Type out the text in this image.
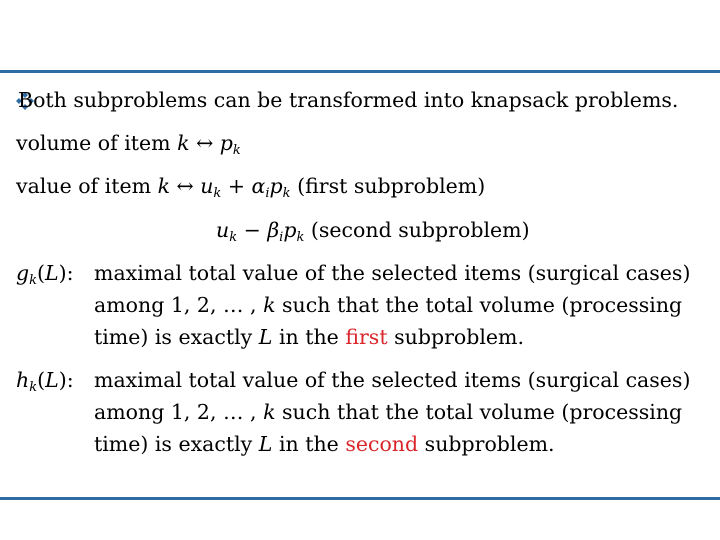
Both subproblems can be transformed into knapsack problems.
volume of item k ↔ $p_k$
value of item k ↔ $u_k + \alpha_ip_k$ (first subproblem)
$u_k - \beta_ip_k$ (second subproblem)
$g_k(L)$: maximal total value of the selected items (surgical cases)
among 1, 2, … , k such that the total volume (processing
time) is exactly L in the first subproblem.
$h_k(L)$: maximal total value of the selected items (surgical cases)
among 1, 2, … , k such that the total volume (processing
time) is exactly L in the second subproblem.
